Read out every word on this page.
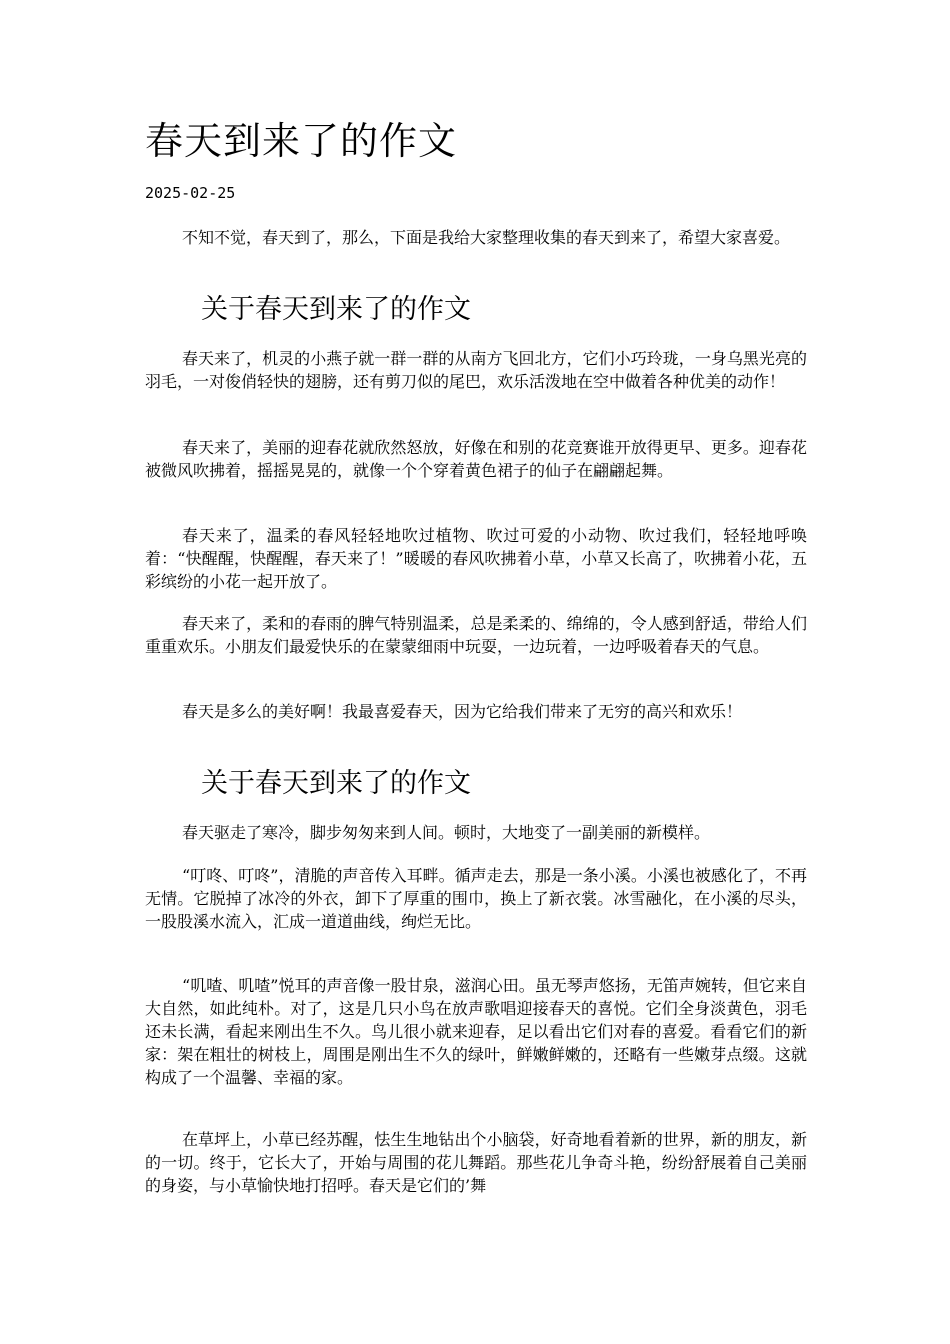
春天到来了的作文
2025-02-25

不知不觉，春天到了，那么，下面是我给大家整理收集的春天到来了，希望大家喜爱。

关于春天到来了的作文

春天来了，机灵的小燕子就一群一群的从南方飞回北方，它们小巧玲珑，一身乌黑光亮的羽毛，一对俊俏轻快的翅膀，还有剪刀似的尾巴，欢乐活泼地在空中做着各种优美的动作！

春天来了，美丽的迎春花就欣然怒放，好像在和别的花竞赛谁开放得更早、更多。迎春花被微风吹拂着，摇摇晃晃的，就像一个个穿着黄色裙子的仙子在翩翩起舞。

春天来了，温柔的春风轻轻地吹过植物、吹过可爱的小动物、吹过我们，轻轻地呼唤着：“快醒醒，快醒醒，春天来了！”暖暖的春风吹拂着小草，小草又长高了，吹拂着小花，五彩缤纷的小花一起开放了。

春天来了，柔和的春雨的脾气特别温柔，总是柔柔的、绵绵的，令人感到舒适，带给人们重重欢乐。小朋友们最爱快乐的在蒙蒙细雨中玩耍，一边玩着，一边呼吸着春天的气息。

春天是多么的美好啊！我最喜爱春天，因为它给我们带来了无穷的高兴和欢乐！

关于春天到来了的作文

春天驱走了寒冷，脚步匆匆来到人间。顿时，大地变了一副美丽的新模样。

“叮咚、叮咚”，清脆的声音传入耳畔。循声走去，那是一条小溪。小溪也被感化了，不再无情。它脱掉了冰冷的外衣，卸下了厚重的围巾，换上了新衣裳。冰雪融化，在小溪的尽头，一股股溪水流入，汇成一道道曲线，绚烂无比。

“叽喳、叽喳”悦耳的声音像一股甘泉，滋润心田。虽无琴声悠扬，无笛声婉转，但它来自大自然，如此纯朴。对了，这是几只小鸟在放声歌唱迎接春天的喜悦。它们全身淡黄色，羽毛还未长满，看起来刚出生不久。鸟儿很小就来迎春，足以看出它们对春的喜爱。看看它们的新家：架在粗壮的树枝上，周围是刚出生不久的绿叶，鲜嫩鲜嫩的，还略有一些嫩芽点缀。这就构成了一个温馨、幸福的家。

在草坪上，小草已经苏醒，怯生生地钻出个小脑袋，好奇地看着新的世界，新的朋友，新的一切。终于，它长大了，开始与周围的花儿舞蹈。那些花儿争奇斗艳，纷纷舒展着自己美丽的身姿，与小草愉快地打招呼。春天是它们的’舞
